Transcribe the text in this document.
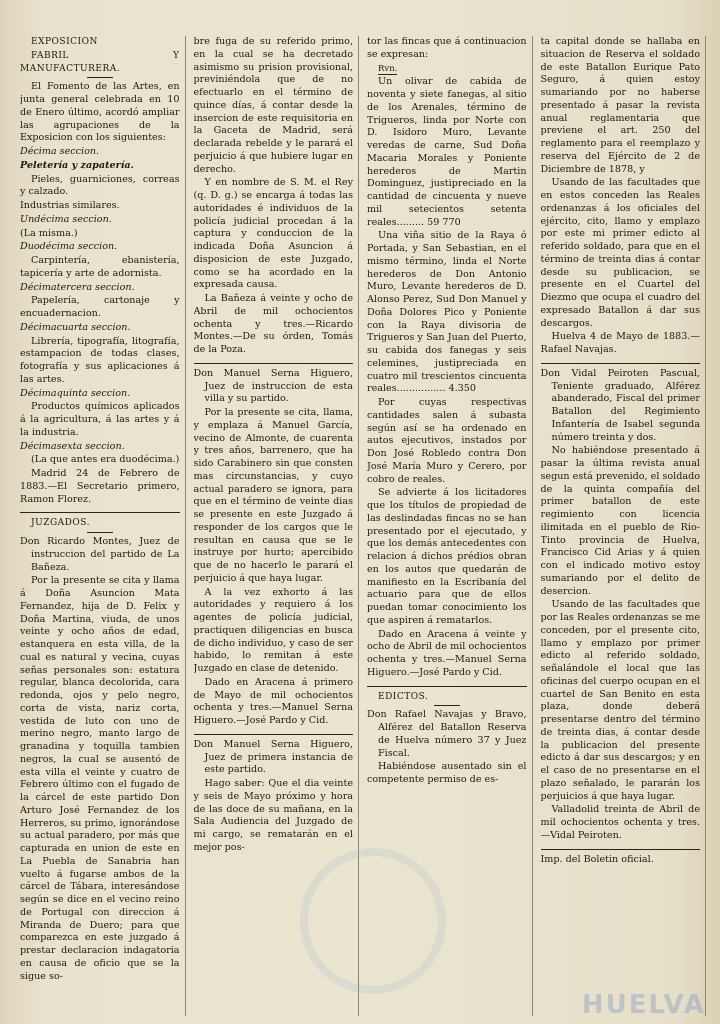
EXPOSICION

FABRIL Y MANUFACTURERA.

El Fomento de las Artes, en junta general celebrada en 10 de Enero último, acordó ampliar las agrupaciones de la Exposicion con los siguientes:

Décima seccion.

Peletería y zapatería.

Pieles, guarniciones, correas y calzado.

Industrias similares.

Undécima seccion.

(La misma.)

Duodécima seccion.

Carpintería, ebanistería, tapicería y arte de adornista.

Décimatercera seccion.

Papelería, cartonaje y encuadernacion.

Décimacuarta seccion.

Librería, tipografía, litografía, estampacion de todas clases, fotografía y sus aplicaciones á las artes.

Décimaquinta seccion.

Productos químicos aplicados á la agricultura, á las artes y á la industria.

Décimasexta seccion.

(La que antes era duodécima.)

Madrid 24 de Febrero de 1883.—El Secretario primero, Ramon Florez.

JUZGADOS.

Don Ricardo Montes, Juez de instruccion del partido de La Bañeza.

Por la presente se cita y llama á Doña Asuncion Mata Fernandez, hija de D. Felix y Doña Martina, viuda, de unos veinte y ocho años de edad, estanquera en esta villa, de la cual es natural y vecina, cuyas señas personales son: estatura regular, blanca decolorida, cara redonda, ojos y pelo negro, corta de vista, nariz corta, vestida de luto con uno de merino negro, manto largo de granadina y toquilla tambien negros, la cual se ausentó de esta villa el veinte y cuatro de Febrero último con el fugado de la cárcel de este partido Don Arturo José Fernandez de los Herreros, su primo, ignorándose su actual paradero, por más que capturada en union de este en La Puebla de Sanabria han vuelto á fugarse ambos de la cárcel de Tábara, interesándose según se dice en el vecino reino de Portugal con direccion á Miranda de Duero; para que comparezca en este juzgado á prestar declaracion indagatoria en causa de oficio que se la sigue so-

bre fuga de su referido primo, en la cual se ha decretado asimismo su prision provisional, previniéndola que de no efectuarlo en el término de quince días, á contar desde la insercion de este requisitoria en la Gaceta de Madrid, será declarada rebelde y le parará el perjuicio á que hubiere lugar en derecho.

Y en nombre de S. M. el Rey (q. D. g.) se encarga á todas las autoridades é individuos de la policía judicial procedan á la captura y conduccion de la indicada Doña Asuncion á disposicion de este Juzgado, como se ha acordado en la expresada causa.

La Bañeza á veinte y ocho de Abril de mil ochocientos ochenta y tres.—Ricardo Montes.—De su órden, Tomás de la Poza.

Don Manuel Serna Higuero, Juez de instruccion de esta villa y su partido.

Por la presente se cita, llama, y emplaza á Manuel García, vecino de Almonte, de cuarenta y tres años, barrenero, que ha sido Carabinero sin que consten mas circunstancias, y cuyo actual paradero se ignora, para que en el término de veinte dias se presente en este Juzgado á responder de los cargos que le resultan en causa que se le instruye por hurto; apercibido que de no hacerlo le parará el perjuicio á que haya lugar.

A la vez exhorto á las autoridades y requiero á los agentes de policía judicial, practiquen diligencias en busca de dicho individuo, y caso de ser habido, lo remitan á este Juzgado en clase de detenido.

Dado en Aracena á primero de Mayo de mil ochocientos ochenta y tres.—Manuel Serna Higuero.—José Pardo y Cid.

Don Manuel Serna Higuero, Juez de primera instancia de este partido.

Hago saber: Que el dia veinte y seis de Mayo próximo y hora de las doce de su mañana, en la Sala Audiencia del Juzgado de mi cargo, se rematarán en el mejor pos-

tor las fincas que á continuacion se expresan:

Rvn.

Un olivar de cabida de noventa y siete fanegas, al sitio de los Arenales, término de Trigueros, linda por Norte con D. Isidoro Muro, Levante veredas de carne, Sud Doña Macaria Morales y Poniente herederos de Martin Dominguez, justipreciado en la cantidad de cincuenta y nueve mil setecientos setenta reales......... 59 770

Una viña sitio de la Raya ó Portada, y San Sebastian, en el mismo término, linda el Norte herederos de Don Antonio Muro, Levante herederos de D. Alonso Perez, Sud Don Manuel y Doña Dolores Pico y Poniente con la Raya divisoria de Trigueros y San Juan del Puerto, su cabida dos fanegas y seis celemines, justipreciada en cuatro mil trescientos cincuenta reales................ 4.350

Por cuyas respectivas cantidades salen á subasta según así se ha ordenado en autos ejecutivos, instados por Don José Robledo contra Don José María Muro y Cerero, por cobro de reales.

Se advierte á los licitadores que los títulos de propiedad de las deslindadas fincas no se han presentado por el ejecutado, y que los demás antecedentes con relacion á dichos prédios obran en los autos que quedarán de manifiesto en la Escribanía del actuario para que de ellos puedan tomar conocimiento los que aspiren á rematarlos.

Dado en Aracena á veinte y ocho de Abril de mil ochocientos ochenta y tres.—Manuel Serna Higuero.—José Pardo y Cid.

EDICTOS.

Don Rafael Navajas y Bravo, Alférez del Batallon Reserva de Huelva número 37 y Juez Fiscal.

Habiéndose ausentado sin el competente permiso de es-

ta capital donde se hallaba en situacion de Reserva el soldado de este Batallon Eurique Pato Seguro, á quien estoy sumariando por no haberse presentado á pasar la revista anual reglamentaria que previene el art. 250 del reglamento para el reemplazo y reserva del Ejército de 2 de Diciembre de 1878, y

Usando de las facultades que en estos conceden las Reales ordenanzas á los oficiales del ejército, cito, llamo y emplazo por este mi primer edicto al referido soldado, para que en el término de treinta dias á contar desde su publicacion, se presente en el Cuartel del Diezmo que ocupa el cuadro del expresado Batallon á dar sus descargos.

Huelva 4 de Mayo de 1883.—Rafael Navajas.

Don Vidal Peiroten Pascual, Teniente graduado, Alférez abanderado, Fiscal del primer Batallon del Regimiento Infantería de Isabel segunda número treinta y dos.

No habiéndose presentado á pasar la última revista anual segun está prevenido, el soldado de la quinta compañía del primer batallon de este regimiento con licencia ilimitada en el pueblo de Rio-Tinto provincia de Huelva, Francisco Cid Arias y á quien con el indicado motivo estoy sumariando por el delito de desercion.

Usando de las facultades que por las Reales ordenanzas se me conceden, por el presente cito, llamo y emplazo por primer edicto al referido soldado, señalándole el local que las oficinas del cuerpo ocupan en el cuartel de San Benito en esta plaza, donde deberá presentarse dentro del término de treinta dias, á contar desde la publicacion del presente edicto á dar sus descargos; y en el caso de no presentarse en el plazo señalado, le pararán los perjuicios á que haya lugar.

Valladolid treinta de Abril de mil ochocientos ochenta y tres.—Vidal Peiroten.

Imp. del Boletin oficial.

HUELVA
